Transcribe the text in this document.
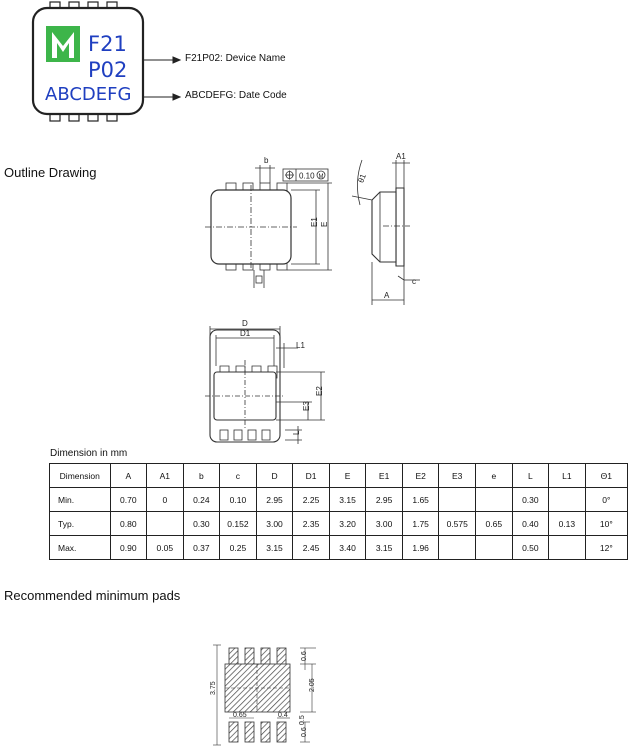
F21
P02
ABCDEFG
F21P02: Device Name
ABCDEFG: Date Code
Outline Drawing
b
0.10 M
E1 E
A1
θ1
c
A
D
D1
L1
E2
E3
L
Dimension in mm
Dimension	A	A1	b	c	D	D1	E	E1	E2	E3	e	L	L1	Θ1
Min.	0.70	0	0.24	0.10	2.95	2.25	3.15	2.95	1.65			0.30		0°
Typ.	0.80		0.30	0.152	3.00	2.35	3.20	3.00	1.75	0.575	0.65	0.40	0.13	10°
Max.	0.90	0.05	0.37	0.25	3.15	2.45	3.40	3.15	1.96			0.50		12°
Recommended minimum pads
3.75
0.6
2.05
0.65	0.4 0.5
0.6
